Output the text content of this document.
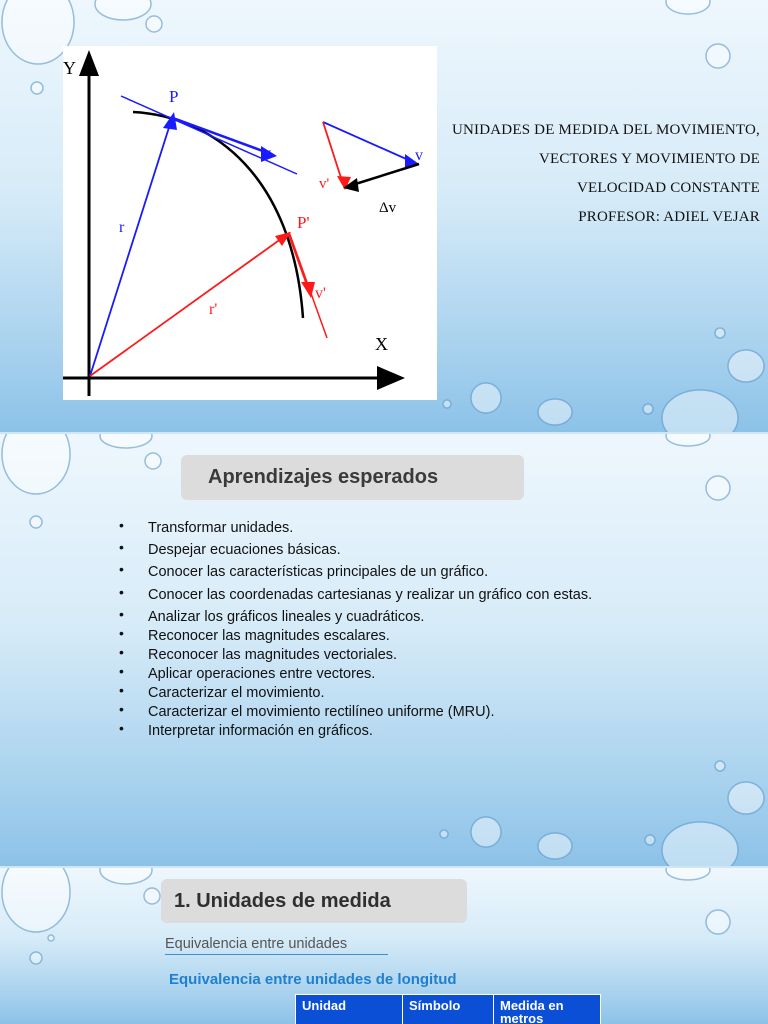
Y
X
P
r
v
P'
r'
v'
v
v'
Δv
UNIDADES DE MEDIDA DEL MOVIMIENTO,
VECTORES Y MOVIMIENTO DE
VELOCIDAD CONSTANTE
PROFESOR: ADIEL VEJAR
Aprendizajes esperados
• Transformar unidades.
• Despejar ecuaciones básicas.
• Conocer las características principales de un gráfico.
• Conocer las coordenadas cartesianas y realizar un gráfico con estas.
• Analizar los gráficos lineales y cuadráticos.
• Reconocer las magnitudes escalares.
• Reconocer las magnitudes vectoriales.
• Aplicar operaciones entre vectores.
• Caracterizar el movimiento.
• Caracterizar el movimiento rectilíneo uniforme (MRU).
• Interpretar información en gráficos.
1. Unidades de medida
Equivalencia entre unidades
Equivalencia entre unidades de longitud
Unidad	Símbolo	Medida en metros
